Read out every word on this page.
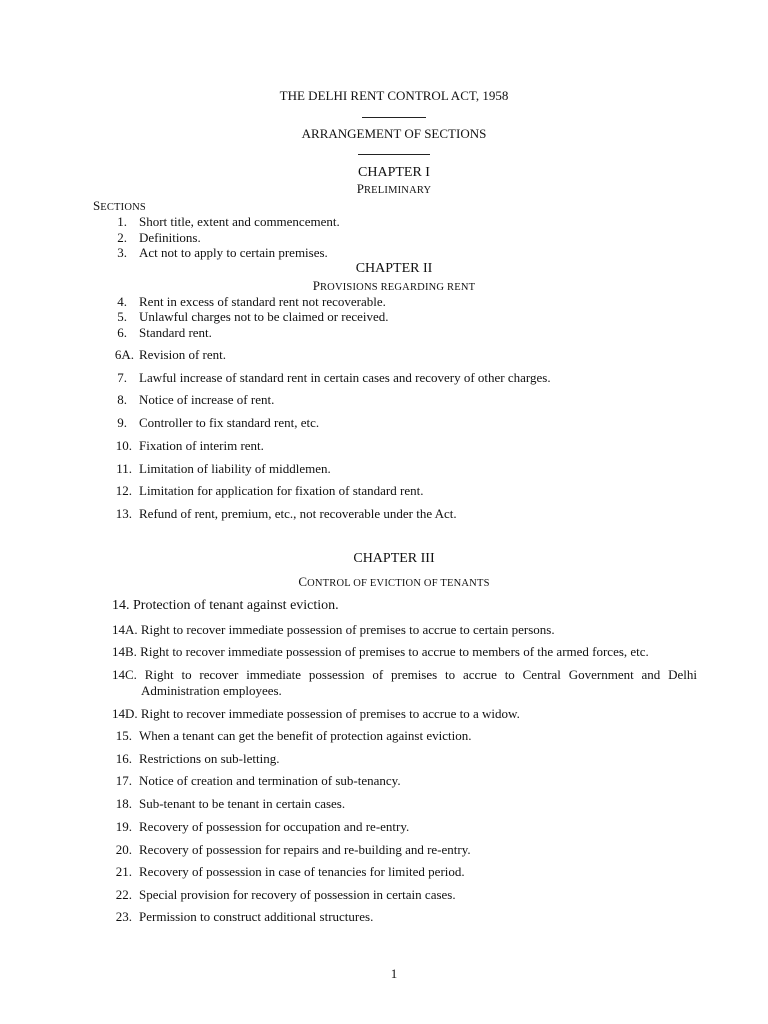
THE DELHI RENT CONTROL ACT, 1958
ARRANGEMENT OF SECTIONS
CHAPTER I
PRELIMINARY
SECTIONS
1. Short title, extent and commencement.
2. Definitions.
3. Act not to apply to certain premises.
CHAPTER II
PROVISIONS REGARDING RENT
4. Rent in excess of standard rent not recoverable.
5. Unlawful charges not to be claimed or received.
6. Standard rent.
6A. Revision of rent.
7. Lawful increase of standard rent in certain cases and recovery of other charges.
8. Notice of increase of rent.
9. Controller to fix standard rent, etc.
10. Fixation of interim rent.
11. Limitation of liability of middlemen.
12. Limitation for application for fixation of standard rent.
13. Refund of rent, premium, etc., not recoverable under the Act.
CHAPTER III
CONTROL OF EVICTION OF TENANTS
14. Protection of tenant against eviction.
14A. Right to recover immediate possession of premises to accrue to certain persons.
14B. Right to recover immediate possession of premises to accrue to members of the armed forces, etc.
14C. Right to recover immediate possession of premises to accrue to Central Government and Delhi
Administration employees.
14D. Right to recover immediate possession of premises to accrue to a widow.
15. When a tenant can get the benefit of protection against eviction.
16. Restrictions on sub-letting.
17. Notice of creation and termination of sub-tenancy.
18. Sub-tenant to be tenant in certain cases.
19. Recovery of possession for occupation and re-entry.
20. Recovery of possession for repairs and re-building and re-entry.
21. Recovery of possession in case of tenancies for limited period.
22. Special provision for recovery of possession in certain cases.
23. Permission to construct additional structures.
1
